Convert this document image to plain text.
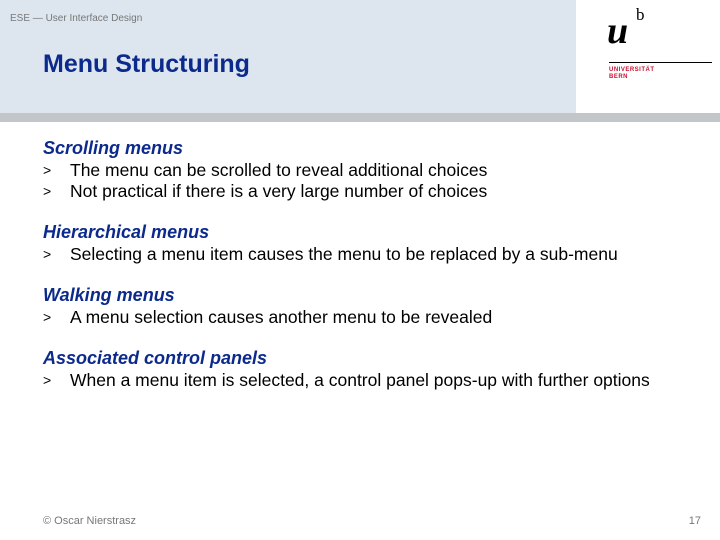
ESE — User Interface Design
Menu Structuring
u b
UNIVERSITÄT
BERN

Scrolling menus

> The menu can be scrolled to reveal additional choices
> Not practical if there is a very large number of choices

Hierarchical menus

> Selecting a menu item causes the menu to be replaced by a sub-menu

Walking menus

> A menu selection causes another menu to be revealed

Associated control panels

> When a menu item is selected, a control panel pops-up with further options
© Oscar Nierstrasz	17
